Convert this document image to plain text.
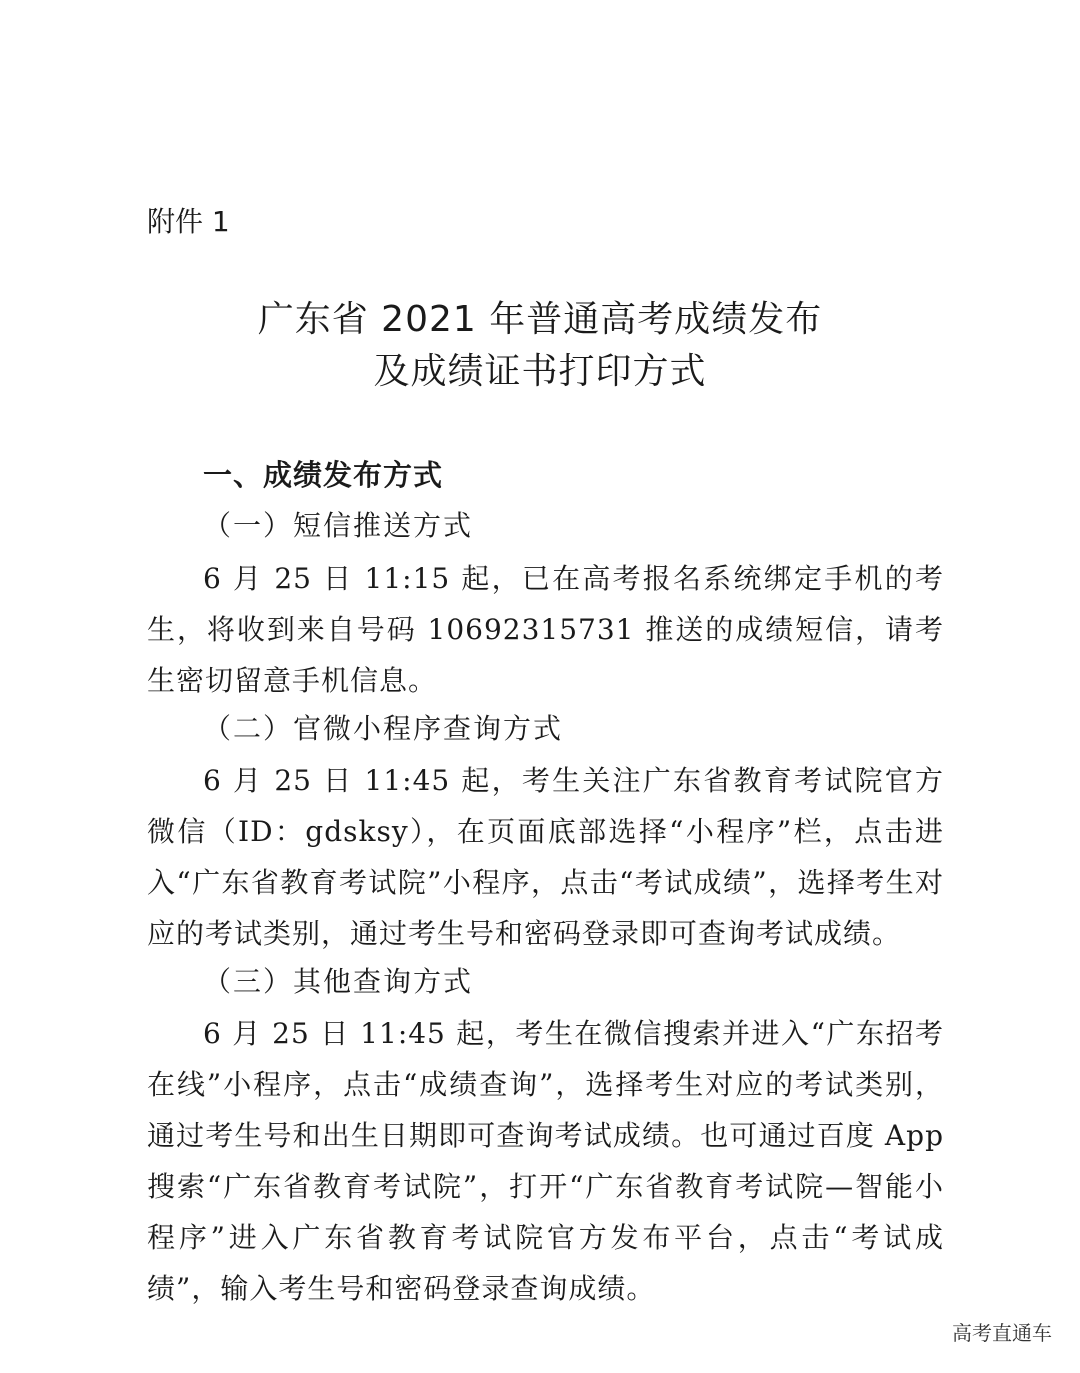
附件 1
广东省 2021 年普通高考成绩发布
及成绩证书打印方式
一、成绩发布方式
（一）短信推送方式

6 月 25 日 11:15 起，已在高考报名系统绑定手机的考生，将收到来自号码 10692315731 推送的成绩短信，请考生密切留意手机信息。

（二）官微小程序查询方式

6 月 25 日 11:45 起，考生关注广东省教育考试院官方微信（ID：gdsksy），在页面底部选择“小程序”栏，点击进入“广东省教育考试院”小程序，点击“考试成绩”，选择考生对应的考试类别，通过考生号和密码登录即可查询考试成绩。

（三）其他查询方式

6 月 25 日 11:45 起，考生在微信搜索并进入“广东招考在线”小程序，点击“成绩查询”，选择考生对应的考试类别，通过考生号和出生日期即可查询考试成绩。也可通过百度 App 搜索“广东省教育考试院”，打开“广东省教育考试院—智能小程序”进入广东省教育考试院官方发布平台，点击“考试成绩”，输入考生号和密码登录查询成绩。

高考直通车
